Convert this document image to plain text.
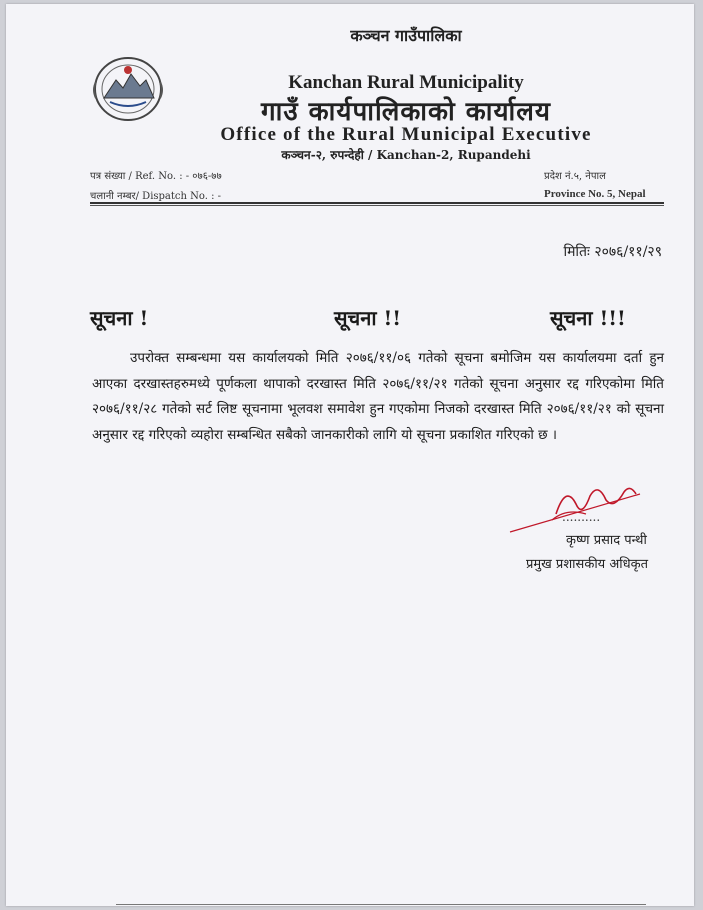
कञ्चन गाउँपालिका
Kanchan Rural Municipality
गाउँ कार्यपालिकाको कार्यालय
Office of the Rural Municipal Executive
कञ्चन-२, रुपन्देही / Kanchan-2, Rupandehi
पत्र संख्या / Ref. No. : - ०७६-७७
चलानी नम्बर/ Dispatch No. : -
प्रदेश नं.५, नेपाल
Province No. 5, Nepal
मितिः २०७६/११/२९
सूचना !	सूचना !!	सूचना !!!
उपरोक्त सम्बन्धमा यस कार्यालयको मिति २०७६/११/०६ गतेको सूचना बमोजिम यस कार्यालयमा दर्ता हुन आएका दरखास्तहरुमध्ये पूर्णकला थापाको दरखास्त मिति २०७६/११/२१ गतेको सूचना अनुसार रद्द गरिएकोमा मिति २०७६/११/२८ गतेको सर्ट लिष्ट सूचनामा भूलवश समावेश हुन गएकोमा निजको दरखास्त मिति २०७६/११/२१ को सूचना अनुसार रद्द गरिएको व्यहोरा सम्बन्धित सबैको जानकारीको लागि यो सूचना प्रकाशित गरिएको छ ।
..........
कृष्ण प्रसाद पन्थी
प्रमुख प्रशासकीय अधिकृत
